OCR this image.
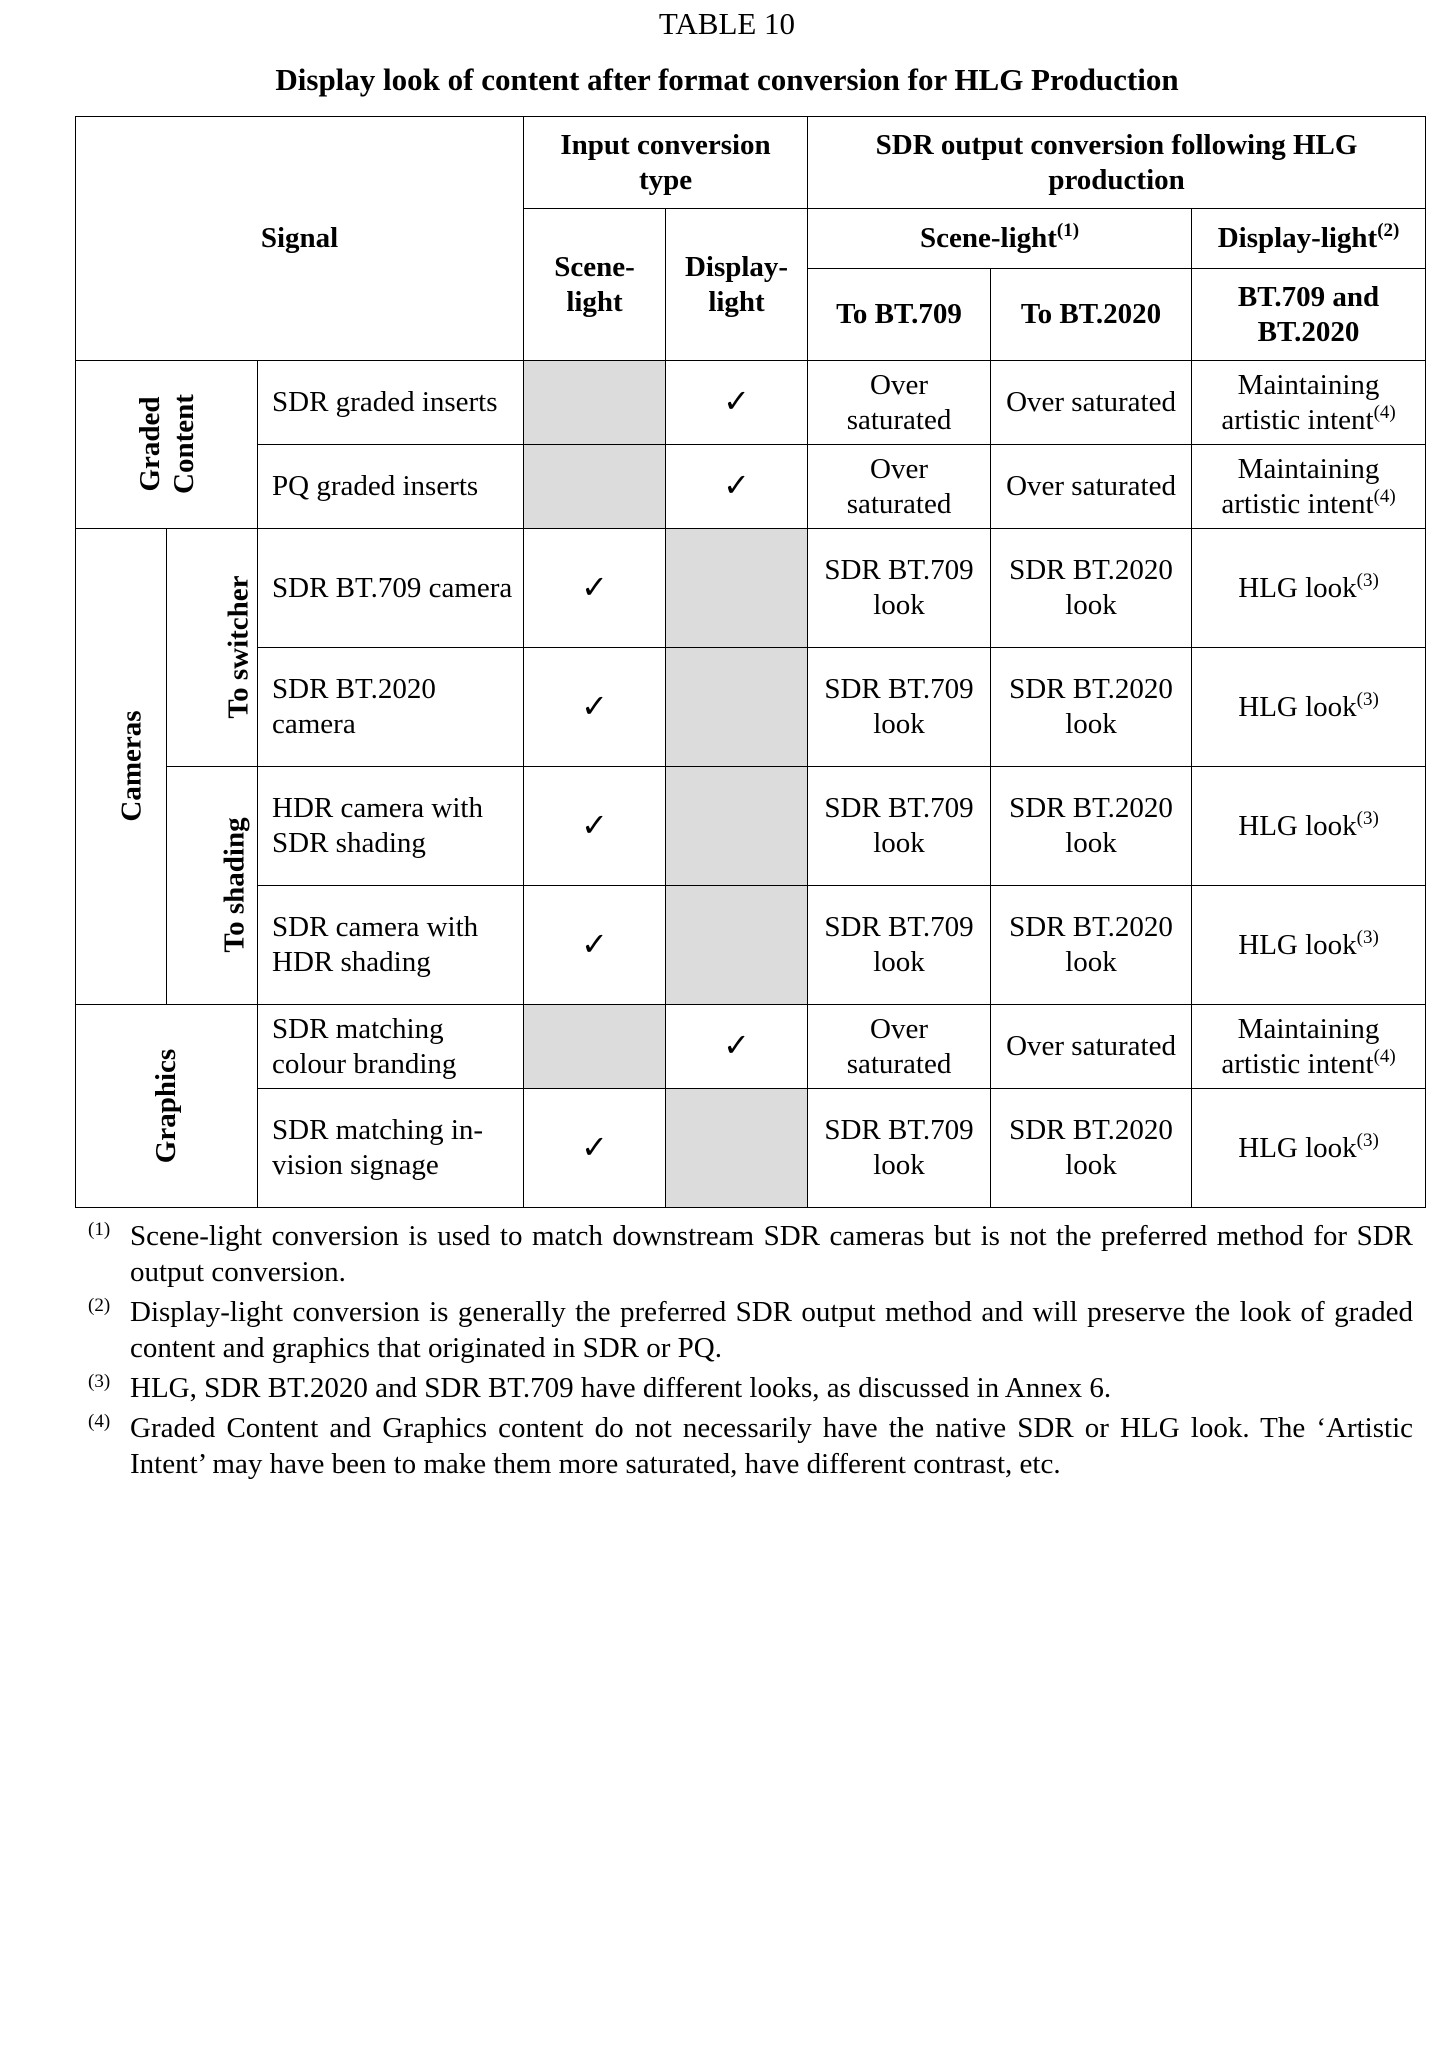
TABLE 10
Display look of content after format conversion for HLG Production
Signal			Input conversion type		SDR output conversion following HLG production		
			Scene-light	Display-light	Scene-light$^{(1)}$		Display-light$^{(2)}$
					To BT.709	To BT.2020	BT.709 and BT.2020
Graded Content		SDR graded inserts		✓	Over saturated	Over saturated	Maintaining artistic intent$^{(4)}$
		PQ graded inserts		✓	Over saturated	Over saturated	Maintaining artistic intent$^{(4)}$
Cameras	To switcher	SDR BT.709 camera	✓		SDR BT.709 look	SDR BT.2020 look	HLG look$^{(3)}$
		SDR BT.2020 camera	✓		SDR BT.709 look	SDR BT.2020 look	HLG look$^{(3)}$
	To shading	HDR camera with SDR shading	✓		SDR BT.709 look	SDR BT.2020 look	HLG look$^{(3)}$
		SDR camera with HDR shading	✓		SDR BT.709 look	SDR BT.2020 look	HLG look$^{(3)}$
Graphics		SDR matching colour branding		✓	Over saturated	Over saturated	Maintaining artistic intent$^{(4)}$
		SDR matching in-vision signage	✓		SDR BT.709 look	SDR BT.2020 look	HLG look$^{(3)}$
(1) Scene-light conversion is used to match downstream SDR cameras but is not the preferred method for SDR output conversion.
(2) Display-light conversion is generally the preferred SDR output method and will preserve the look of graded content and graphics that originated in SDR or PQ.
(3) HLG, SDR BT.2020 and SDR BT.709 have different looks, as discussed in Annex 6.
(4) Graded Content and Graphics content do not necessarily have the native SDR or HLG look. The ‘Artistic Intent’ may have been to make them more saturated, have different contrast, etc.
